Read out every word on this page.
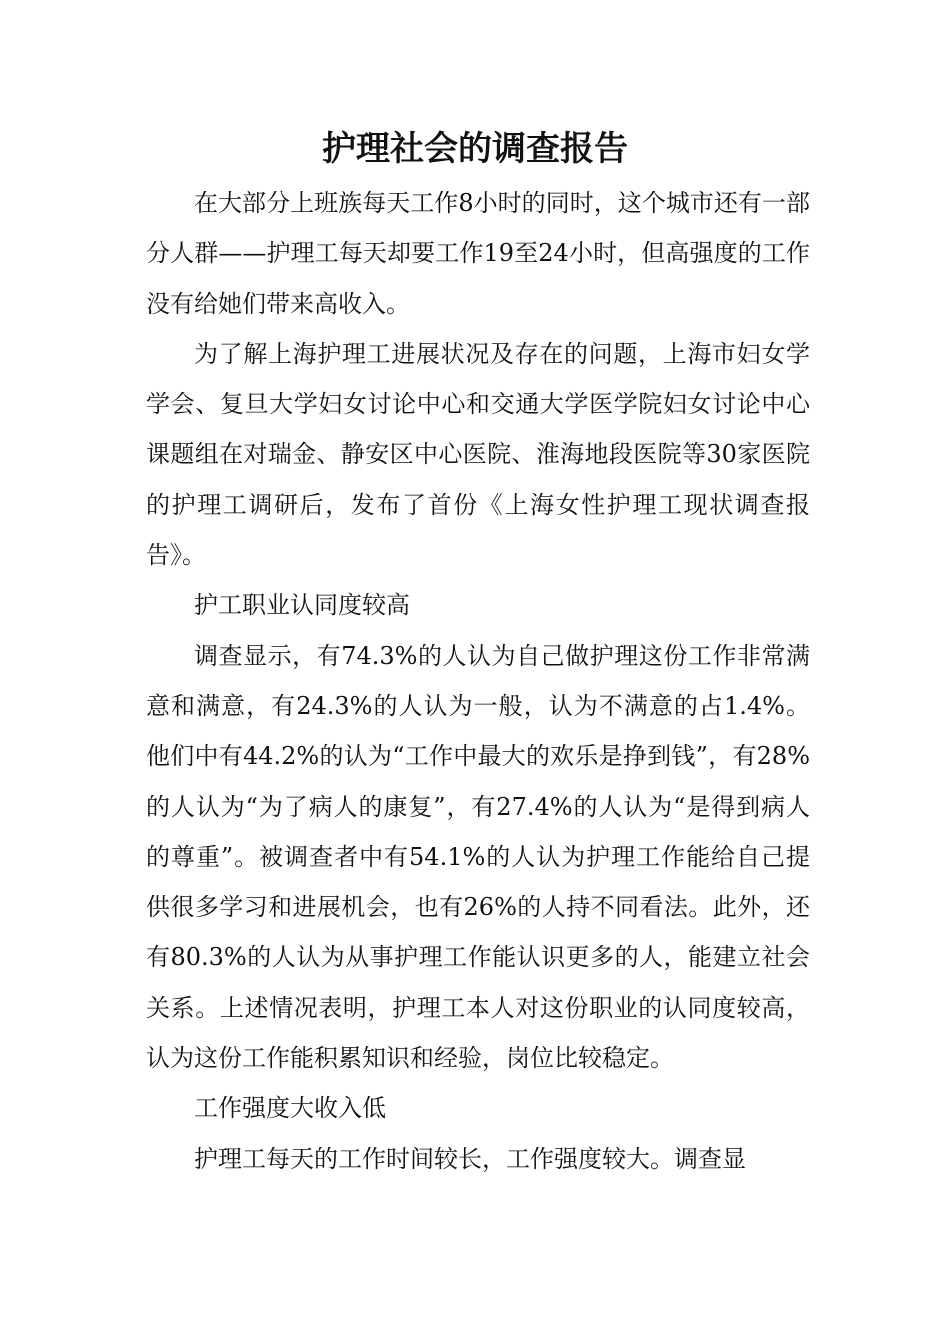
护理社会的调查报告

在大部分上班族每天工作8小时的同时，这个城市还有一部分人群——护理工每天却要工作19至24小时，但高强度的工作没有给她们带来高收入。

为了解上海护理工进展状况及存在的问题，上海市妇女学学会、复旦大学妇女讨论中心和交通大学医学院妇女讨论中心课题组在对瑞金、静安区中心医院、淮海地段医院等30家医院的护理工调研后，发布了首份《上海女性护理工现状调查报告》。

护工职业认同度较高

调查显示，有74.3%的人认为自己做护理这份工作非常满意和满意，有24.3%的人认为一般，认为不满意的占1.4%。他们中有44.2%的认为“工作中最大的欢乐是挣到钱”，有28%的人认为“为了病人的康复”，有27.4%的人认为“是得到病人的尊重”。被调查者中有54.1%的人认为护理工作能给自己提供很多学习和进展机会，也有26%的人持不同看法。此外，还有80.3%的人认为从事护理工作能认识更多的人，能建立社会关系。上述情况表明，护理工本人对这份职业的认同度较高，认为这份工作能积累知识和经验，岗位比较稳定。

工作强度大收入低

护理工每天的工作时间较长，工作强度较大。调查显
